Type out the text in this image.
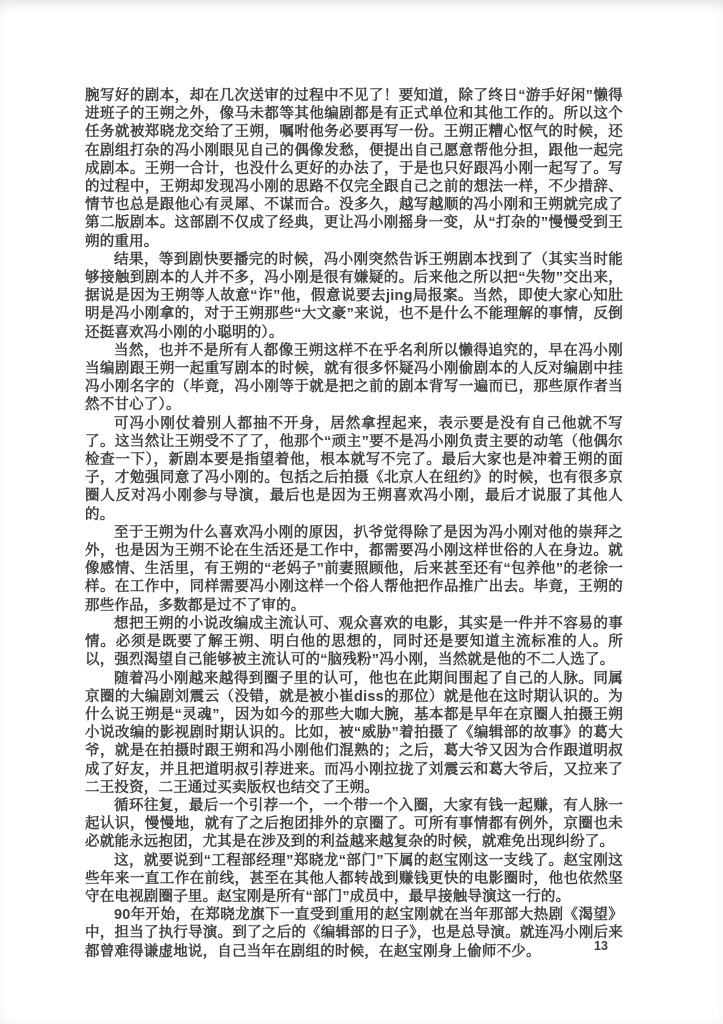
腕写好的剧本，却在几次送审的过程中不见了！要知道，除了终日“游手好闲”懒得进班子的王朔之外，像马未都等其他编剧都是有正式单位和其他工作的。所以这个任务就被郑晓龙交给了王朔，嘱咐他务必要再写一份。王朔正糟心怄气的时候，还在剧组打杂的冯小刚眼见自己的偶像发愁，便提出自己愿意帮他分担，跟他一起完成剧本。王朔一合计，也没什么更好的办法了，于是也只好跟冯小刚一起写了。写的过程中，王朔却发现冯小刚的思路不仅完全跟自己之前的想法一样，不少措辞、情节也总是跟他心有灵犀、不谋而合。没多久，越写越顺的冯小刚和王朔就完成了第二版剧本。这部剧不仅成了经典，更让冯小刚摇身一变，从“打杂的”慢慢受到王朔的重用。

结果，等到剧快要播完的时候，冯小刚突然告诉王朔剧本找到了（其实当时能够接触到剧本的人并不多，冯小刚是很有嫌疑的。后来他之所以把“失物”交出来，据说是因为王朔等人故意“诈”他，假意说要去jing局报案。当然，即使大家心知肚明是冯小刚拿的，对于王朔那些“大文豪”来说，也不是什么不能理解的事情，反倒还挺喜欢冯小刚的小聪明的）。

当然，也并不是所有人都像王朔这样不在乎名利所以懒得追究的，早在冯小刚当编剧跟王朔一起重写剧本的时候，就有很多怀疑冯小刚偷剧本的人反对编剧中挂冯小刚名字的（毕竟，冯小刚等于就是把之前的剧本背写一遍而已，那些原作者当然不甘心了）。

可冯小刚仗着别人都抽不开身，居然拿捏起来，表示要是没有自己他就不写了。这当然让王朔受不了了，他那个“顽主”要不是冯小刚负责主要的动笔（他偶尔检查一下），新剧本要是指望着他，根本就写不完了。最后大家也是冲着王朔的面子，才勉强同意了冯小刚的。包括之后拍摄《北京人在纽约》的时候，也有很多京圈人反对冯小刚参与导演，最后也是因为王朔喜欢冯小刚，最后才说服了其他人的。

至于王朔为什么喜欢冯小刚的原因，扒爷觉得除了是因为冯小刚对他的崇拜之外，也是因为王朔不论在生活还是工作中，都需要冯小刚这样世俗的人在身边。就像感情、生活里，有王朔的“老妈子”前妻照顾他，后来甚至还有“包养他”的老徐一样。在工作中，同样需要冯小刚这样一个俗人帮他把作品推广出去。毕竟，王朔的那些作品，多数都是过不了审的。

想把王朔的小说改编成主流认可、观众喜欢的电影，其实是一件并不容易的事情。必须是既要了解王朔、明白他的思想的，同时还是要知道主流标准的人。所以，强烈渴望自己能够被主流认可的“脑残粉”冯小刚，当然就是他的不二人选了。

随着冯小刚越来越得到圈子里的认可，他也在此期间围起了自己的人脉。同属京圈的大编剧刘震云（没错，就是被小崔diss的那位）就是他在这时期认识的。为什么说王朔是“灵魂”，因为如今的那些大咖大腕，基本都是早年在京圈人拍摄王朔小说改编的影视剧时期认识的。比如，被“威胁”着拍摄了《编辑部的故事》的葛大爷，就是在拍摄时跟王朔和冯小刚他们混熟的；之后，葛大爷又因为合作跟道明叔成了好友，并且把道明叔引荐进来。而冯小刚拉拢了刘震云和葛大爷后，又拉来了二王投资，二王通过买卖版权也结交了王朔。

循环往复，最后一个引荐一个，一个带一个入圈，大家有钱一起赚，有人脉一起认识，慢慢地，就有了之后抱团排外的京圈了。可所有事情都有例外，京圈也未必就能永远抱团，尤其是在涉及到的利益越来越复杂的时候，就难免出现纠纷了。

这，就要说到“工程部经理”郑晓龙“部门”下属的赵宝刚这一支线了。赵宝刚这些年来一直工作在前线，甚至在其他人都转战到赚钱更快的电影圈时，他也依然坚守在电视剧圈子里。赵宝刚是所有“部门”成员中，最早接触导演这一行的。

90年开始，在郑晓龙旗下一直受到重用的赵宝刚就在当年那部大热剧《渴望》中，担当了执行导演。到了之后的《编辑部的日子》，也是总导演。就连冯小刚后来都曾难得谦虚地说，自己当年在剧组的时候，在赵宝刚身上偷师不少。	13
